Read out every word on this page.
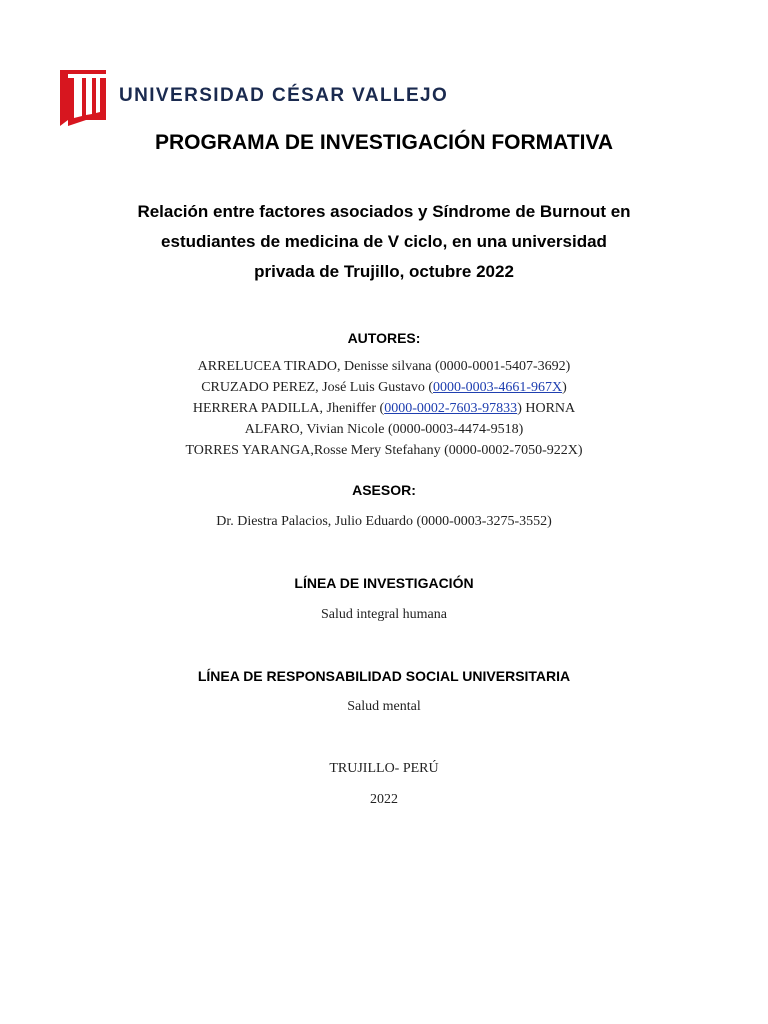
UNIVERSIDAD CÉSAR VALLEJO
PROGRAMA DE INVESTIGACIÓN FORMATIVA
Relación entre factores asociados y Síndrome de Burnout en
estudiantes de medicina de V ciclo, en una universidad
privada de Trujillo, octubre 2022
AUTORES:
ARRELUCEA TIRADO, Denisse silvana (0000-0001-5407-3692)
CRUZADO PEREZ, José Luis Gustavo (0000-0003-4661-967X)
HERRERA PADILLA, Jheniffer (0000-0002-7603-97833) HORNA
ALFARO, Vivian Nicole (0000-0003-4474-9518)
TORRES YARANGA,Rosse Mery Stefahany (0000-0002-7050-922X)
ASESOR:
Dr. Diestra Palacios, Julio Eduardo (0000-0003-3275-3552)
LÍNEA DE INVESTIGACIÓN
Salud integral humana
LÍNEA DE RESPONSABILIDAD SOCIAL UNIVERSITARIA
Salud mental
TRUJILLO- PERÚ
2022
